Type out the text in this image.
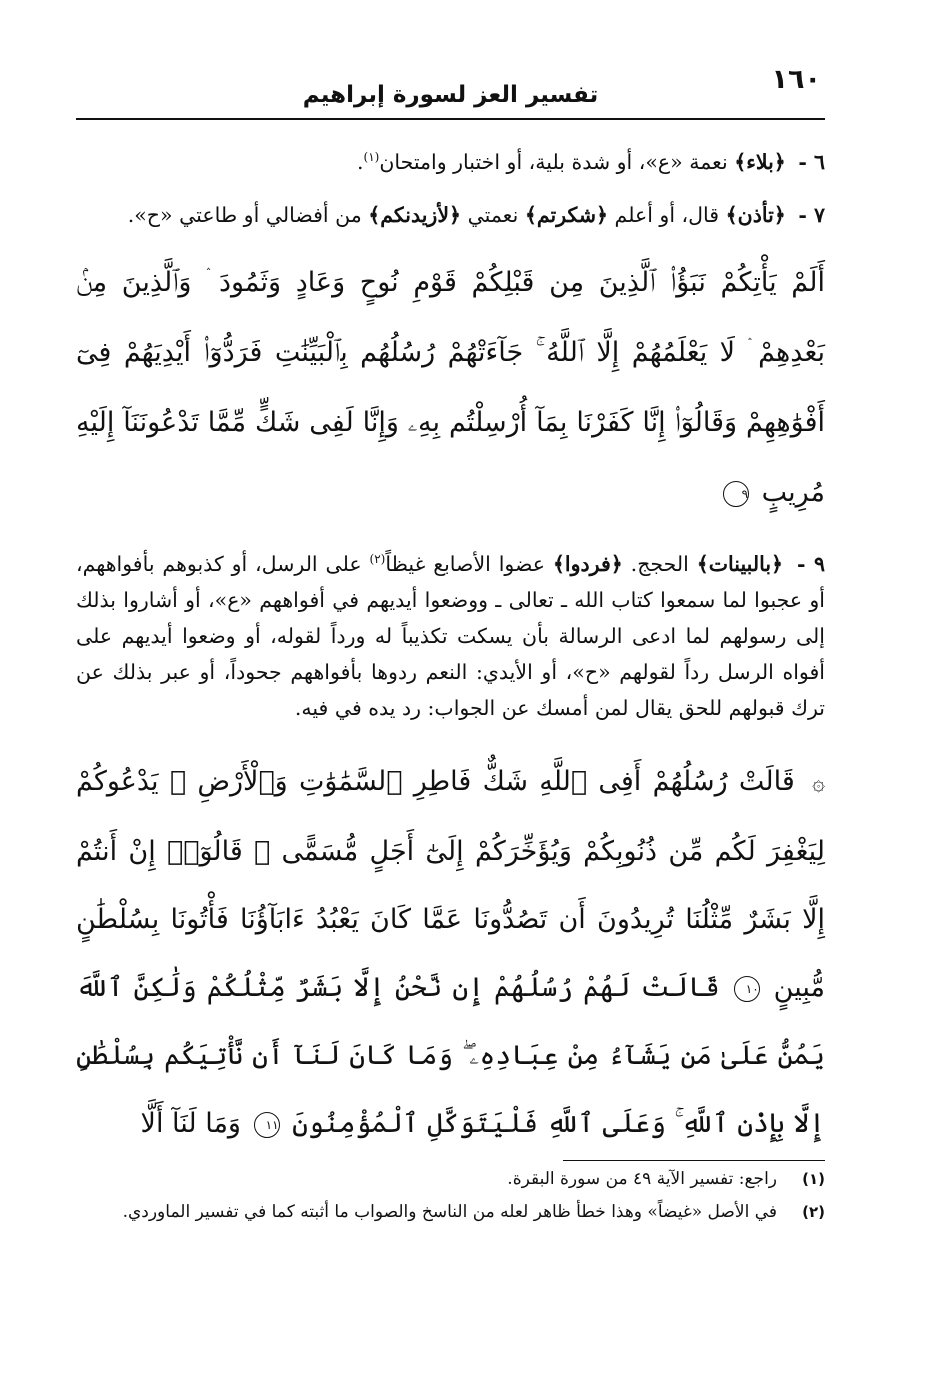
١٦٠
تفسير العز لسورة إبراهيم
٦ - ﴿بلاء﴾ نعمة «ع»، أو شدة بلية، أو اختبار وامتحان$^{(١)}$.
٧ - ﴿تأذن﴾ قال، أو أعلم ﴿شكرتم﴾ نعمتي ﴿لأزيدنكم﴾ من أفضالي أو طاعتي «ح».
أَلَمْ يَأْتِكُمْ نَبَؤُا۟ ٱلَّذِينَ مِن قَبْلِكُمْ قَوْمِ نُوحٍ وَعَادٍ وَثَمُودَ ۛ وَٱلَّذِينَ مِنۢ بَعْدِهِمْ ۛ لَا يَعْلَمُهُمْ إِلَّا ٱللَّهُ ۚ جَآءَتْهُمْ رُسُلُهُم بِٱلْبَيِّنَٰتِ فَرَدُّوٓا۟ أَيْدِيَهُمْ فِىٓ أَفْوَٰهِهِمْ وَقَالُوٓا۟ إِنَّا كَفَرْنَا بِمَآ أُرْسِلْتُم بِهِۦ وَإِنَّا لَفِى شَكٍّ مِّمَّا تَدْعُونَنَآ إِلَيْهِ مُرِيبٍ ٩
٩ - ﴿بالبينات﴾ الحجج. ﴿فردوا﴾ عضوا الأصابع غيظاً$^{(٢)}$ على الرسل، أو كذبوهم بأفواههم، أو عجبوا لما سمعوا كتاب الله ـ تعالى ـ ووضعوا أيديهم في أفواههم «ع»، أو أشاروا بذلك إلى رسولهم لما ادعى الرسالة بأن يسكت تكذيباً له ورداً لقوله، أو وضعوا أيديهم على أفواه الرسل رداً لقولهم «ح»، أو الأيدي: النعم ردوها بأفواههم جحوداً، أو عبر بذلك عن ترك قبولهم للحق يقال لمن أمسك عن الجواب: رد يده في فيه.
۞ قَالَتْ رُسُلُهُمْ أَفِى ٱللَّهِ شَكٌّ فَاطِرِ ٱلسَّمَٰوَٰتِ وَٱلْأَرْضِ ۖ يَدْعُوكُمْ لِيَغْفِرَ لَكُم مِّن ذُنُوبِكُمْ وَيُؤَخِّرَكُمْ إِلَىٰٓ أَجَلٍ مُّسَمًّى ۚ قَالُوٓا۟ إِنْ أَنتُمْ إِلَّا بَشَرٌ مِّثْلُنَا تُرِيدُونَ أَن تَصُدُّونَا عَمَّا كَانَ يَعْبُدُ ءَابَآؤُنَا فَأْتُونَا بِسُلْطَٰنٍ مُّبِينٍ ١٠ قَالَتْ لَهُمْ رُسُلُهُمْ إِن نَّحْنُ إِلَّا بَشَرٌ مِّثْلُكُمْ وَلَٰكِنَّ ٱللَّهَ يَمُنُّ عَلَىٰ مَن يَشَآءُ مِنْ عِبَادِهِۦ ۖ وَمَا كَانَ لَنَآ أَن نَّأْتِيَكُم بِسُلْطَٰنٍ إِلَّا بِإِذْنِ ٱللَّهِ ۚ وَعَلَى ٱللَّهِ فَلْيَتَوَكَّلِ ٱلْمُؤْمِنُونَ ١١ وَمَا لَنَآ أَلَّا
(١)
راجع: تفسير الآية ٤٩ من سورة البقرة.
(٢)
في الأصل «غيضاً» وهذا خطأ ظاهر لعله من الناسخ والصواب ما أثبته كما في تفسير الماوردي.
